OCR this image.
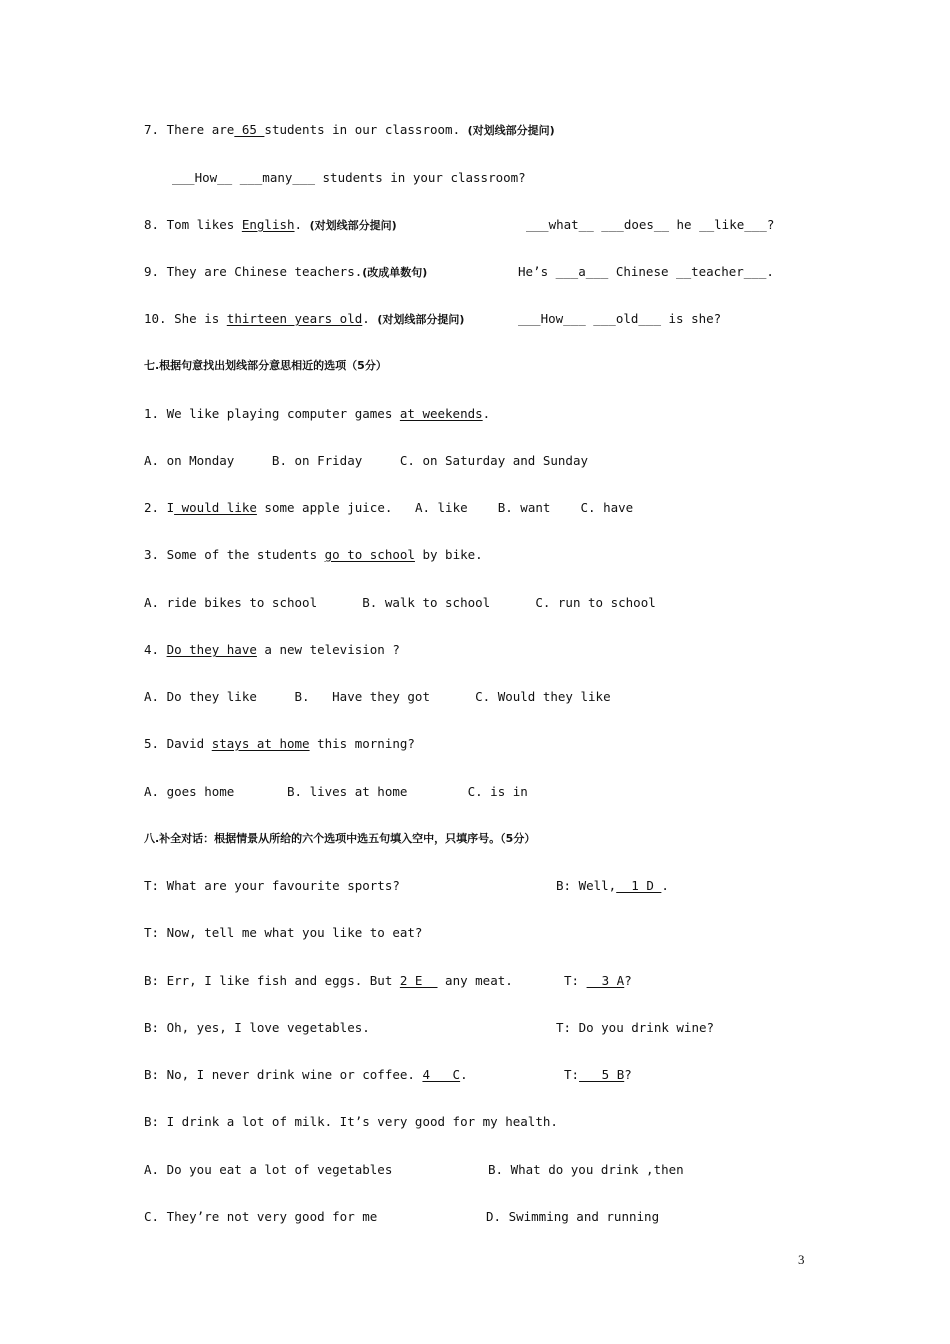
7. There are 65 students in our classroom. (对划线部分提问)
___How__ ___many___ students in your classroom?
8. Tom likes English. (对划线部分提问)	___what__ ___does__ he __like___?
9. They are Chinese teachers.(改成单数句)	He’s ___a___ Chinese __teacher___.
10. She is thirteen years old. (对划线部分提问)	___How___ ___old___ is she?
七.根据句意找出划线部分意思相近的选项（5分）
1. We like playing computer games at weekends.
A. on Monday     B. on Friday     C. on Saturday and Sunday
2. I would like some apple juice.   A. like    B. want    C. have
3. Some of the students go to school by bike.
A. ride bikes to school      B. walk to school      C. run to school
4. Do they have a new television ?
A. Do they like     B.   Have they got      C. Would they like
5. David stays at home this morning?
A. goes home       B. lives at home        C. is in
八.补全对话：根据情景从所给的六个选项中选五句填入空中，只填序号。（5分）
T: What are your favourite sports?	B: Well,  1 D .
T: Now, tell me what you like to eat?
B: Err, I like fish and eggs. But 2 E   any meat.	T:   3 A?
B: Oh, yes, I love vegetables.	T: Do you drink wine?
B: No, I never drink wine or coffee. 4   C.	T:   5 B?
B: I drink a lot of milk. It’s very good for my health.
A. Do you eat a lot of vegetables	B. What do you drink ,then
C. They’re not very good for me	D. Swimming and running
3
